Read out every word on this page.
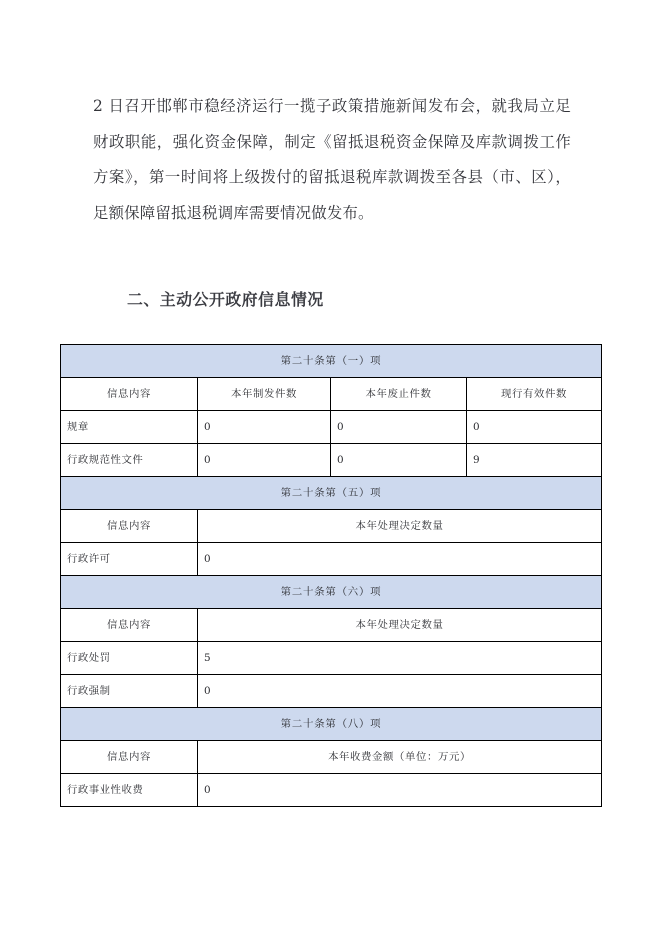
2 日召开邯郸市稳经济运行一揽子政策措施新闻发布会，就我局立足财政职能，强化资金保障，制定《留抵退税资金保障及库款调拨工作方案》，第一时间将上级拨付的留抵退税库款调拨至各县（市、区），足额保障留抵退税调库需要情况做发布。

二、主动公开政府信息情况
第二十条第（一）项			
信息内容	本年制发件数	本年废止件数	现行有效件数
规章	0	0	0
行政规范性文件	0	0	9
第二十条第（五）项			
信息内容	本年处理决定数量		
行政许可	0		
第二十条第（六）项			
信息内容	本年处理决定数量		
行政处罚	5		
行政强制	0		
第二十条第（八）项			
信息内容	本年收费金额（单位：万元）		
行政事业性收费	0		
